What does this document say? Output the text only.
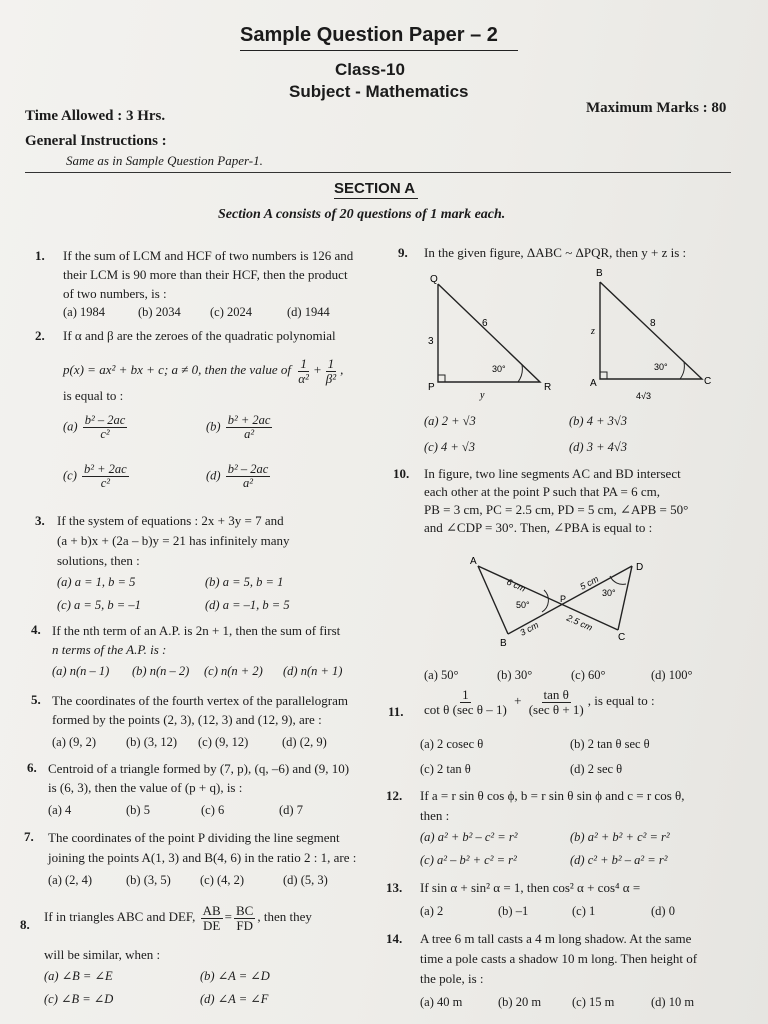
Sample Question Paper – 2
Class-10
Subject - Mathematics
Time Allowed : 3 Hrs.	Maximum Marks : 80
General Instructions :
Same as in Sample Question Paper-1.
SECTION A
Section A consists of 20 questions of 1 mark each.
1. If the sum of LCM and HCF of two numbers is 126 and
their LCM is 90 more than their HCF, then the product
of two numbers, is :
(a) 1984	(b) 2034 (c) 2024	(d) 1944
2. If α and β are the zeroes of the quadratic polynomial
p(x) = ax² + bx + c; a ≠ 0, then the value of $\frac{1}{\text{α²}} + \frac{1}{\text{β²}}$ ,
is equal to :
$(a) \frac{\text{b² – 2ac}}{\text{c²}}$	$(b) \frac{\text{b² + 2ac}}{\text{a²}}$
$(c) \frac{\text{b² + 2ac}}{\text{c²}}$	$(d) \frac{\text{b² – 2ac}}{\text{a²}}$
3. If the system of equations : 2x + 3y = 7 and
(a + b)x + (2a – b)y = 21 has infinitely many
solutions, then :
(a) a = 1, b = 5	(b) a = 5, b = 1
(c) a = 5, b = –1	(d) a = –1, b = 5
4. If the nth term of an A.P. is 2n + 1, then the sum of first
n terms of the A.P. is :
(a) n(n – 1) (b) n(n – 2) (c) n(n + 2) (d) n(n + 1)
5. The coordinates of the fourth vertex of the parallelogram
formed by the points (2, 3), (12, 3) and (12, 9), are :
(a) (9, 2) (b) (3, 12) (c) (9, 12)	(d) (2, 9)
6. Centroid of a triangle formed by (7, p), (q, –6) and (9, 10)
is (6, 3), then the value of (p + q), is :
(a) 4	(b) 5	(c) 6	(d) 7
7. The coordinates of the point P dividing the line segment
joining the points A(1, 3) and B(4, 6) in the ratio 2 : 1, are :
(a) (2, 4)	(b) (3, 5) (c) (4, 2)	(d) (5, 3)
8.
If in triangles ABC and DEF, $\frac{AB}{DE} = \frac{BC}{FD}$ , then they
will be similar, when :
(a) ∠B = ∠E	(b) ∠A = ∠D
(c) ∠B = ∠D	(d) ∠A = ∠F
9. In the given figure, ΔABC ~ ΔPQR, then y + z is :
Q
P	R
6
3
30°
y
B
A	C
z
8
30°
4√3
(a) 2 + √3	(b) 4 + 3√3
(c) 4 + √3	(d) 3 + 4√3
10. In figure, two line segments AC and BD intersect
each other at the point P such that PA = 6 cm,
PB = 3 cm, PC = 2.5 cm, PD = 5 cm, ∠APB = 50°
and ∠CDP = 30°. Then, ∠PBA is equal to :
A
B
C
D
P
6 cm	5 cm
3 cm	2.5 cm
50°
30°
(a) 50°	(b) 30°	(c) 60°	(d) 100°
11. $\frac{1}{\text{cot θ (sec θ – 1)}} + \frac{\text{tan θ}}{\text{(sec θ + 1)}}$ , is equal to :
(a) 2 cosec θ	(b) 2 tan θ sec θ
(c) 2 tan θ	(d) 2 sec θ
12. If a = r sin θ cos ϕ, b = r sin θ sin ϕ and c = r cos θ,
then :
(a) a² + b² – c² = r²	(b) a² + b² + c² = r²
(c) a² – b² + c² = r²	(d) c² + b² – a² = r²
13. If sin α + sin² α = 1, then cos² α + cos⁴ α =
(a) 2	(b) –1	(c) 1	(d) 0
14. A tree 6 m tall casts a 4 m long shadow. At the same
time a pole casts a shadow 10 m long. Then height of
the pole, is :
(a) 40 m	(b) 20 m (c) 15 m	(d) 10 m
